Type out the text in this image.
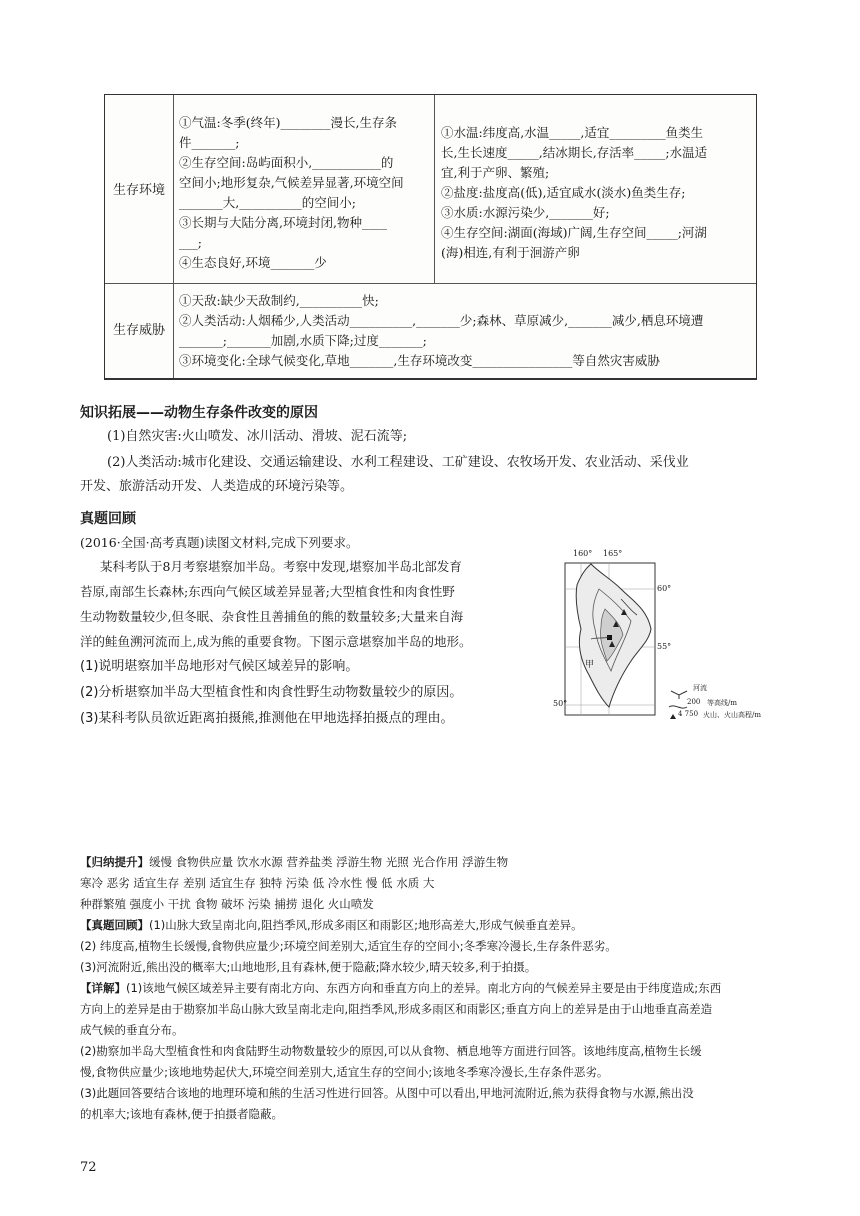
生存环境
生存威胁
①气温:冬季(终年)________漫长,生存条
件_______;
②生存空间:岛屿面积小,___________的
空间小;地形复杂,气候差异显著,环境空间
_______大,__________的空间小;
③长期与大陆分离,环境封闭,物种____
___;
④生态良好,环境_______少
①水温:纬度高,水温_____,适宜_________鱼类生
长,生长速度_____,结冰期长,存活率_____;水温适
宜,利于产卵、繁殖;
②盐度:盐度高(低),适宜咸水(淡水)鱼类生存;
③水质:水源污染少,_______好;
④生存空间:湖面(海域)广阔,生存空间_____;河湖
(海)相连,有利于洄游产卵
①天敌:缺少天敌制约,__________快;
②人类活动:人烟稀少,人类活动__________,_______少;森林、草原减少,_______减少,栖息环境遭
_______;_______加剧,水质下降;过度_______;
③环境变化:全球气候变化,草地_______,生存环境改变________________等自然灾害威胁
知识拓展——动物生存条件改变的原因
(1)自然灾害:火山喷发、冰川活动、滑坡、泥石流等;
(2)人类活动:城市化建设、交通运输建设、水利工程建设、工矿建设、农牧场开发、农业活动、采伐业
开发、旅游活动开发、人类造成的环境污染等。
真题回顾
(2016·全国·高考真题)读图文材料,完成下列要求。
某科考队于8月考察堪察加半岛。考察中发现,堪察加半岛北部发育
苔原,南部生长森林;东西向气候区域差异显著;大型植食性和肉食性野
生动物数量较少,但冬眠、杂食性且善捕鱼的熊的数量较多;大量来自海
洋的鲑鱼溯河流而上,成为熊的重要食物。下图示意堪察加半岛的地形。
(1)说明堪察加半岛地形对气候区域差异的影响。
(2)分析堪察加半岛大型植食性和肉食性野生动物数量较少的原因。
(3)某科考队员欲近距离拍摄熊,推测他在甲地选择拍摄点的理由。
160° 165°
60°
55°
50°
甲
河流
200 等高线/m
4 750 火山、火山高程/m
【归纳提升】缓慢 食物供应量 饮水水源 营养盐类 浮游生物 光照 光合作用 浮游生物
寒冷 恶劣 适宜生存 差别 适宜生存 独特 污染 低 冷水性 慢 低 水质 大
种群繁殖 强度小 干扰 食物 破坏 污染 捕捞 退化 火山喷发
【真题回顾】(1)山脉大致呈南北向,阻挡季风,形成多雨区和雨影区;地形高差大,形成气候垂直差异。
(2) 纬度高,植物生长缓慢,食物供应量少;环境空间差别大,适宜生存的空间小;冬季寒冷漫长,生存条件恶劣。
(3)河流附近,熊出没的概率大;山地地形,且有森林,便于隐蔽;降水较少,晴天较多,利于拍摄。
【详解】(1)该地气候区域差异主要有南北方向、东西方向和垂直方向上的差异。南北方向的气候差异主要是由于纬度造成;东西
方向上的差异是由于勘察加半岛山脉大致呈南北走向,阻挡季风,形成多雨区和雨影区;垂直方向上的差异是由于山地垂直高差造
成气候的垂直分布。
(2)勘察加半岛大型植食性和肉食陆野生动物数量较少的原因,可以从食物、栖息地等方面进行回答。该地纬度高,植物生长缓
慢,食物供应量少;该地地势起伏大,环境空间差别大,适宜生存的空间小;该地冬季寒冷漫长,生存条件恶劣。
(3)此题回答要结合该地的地理环境和熊的生活习性进行回答。从图中可以看出,甲地河流附近,熊为获得食物与水源,熊出没
的机率大;该地有森林,便于拍摄者隐蔽。
72
